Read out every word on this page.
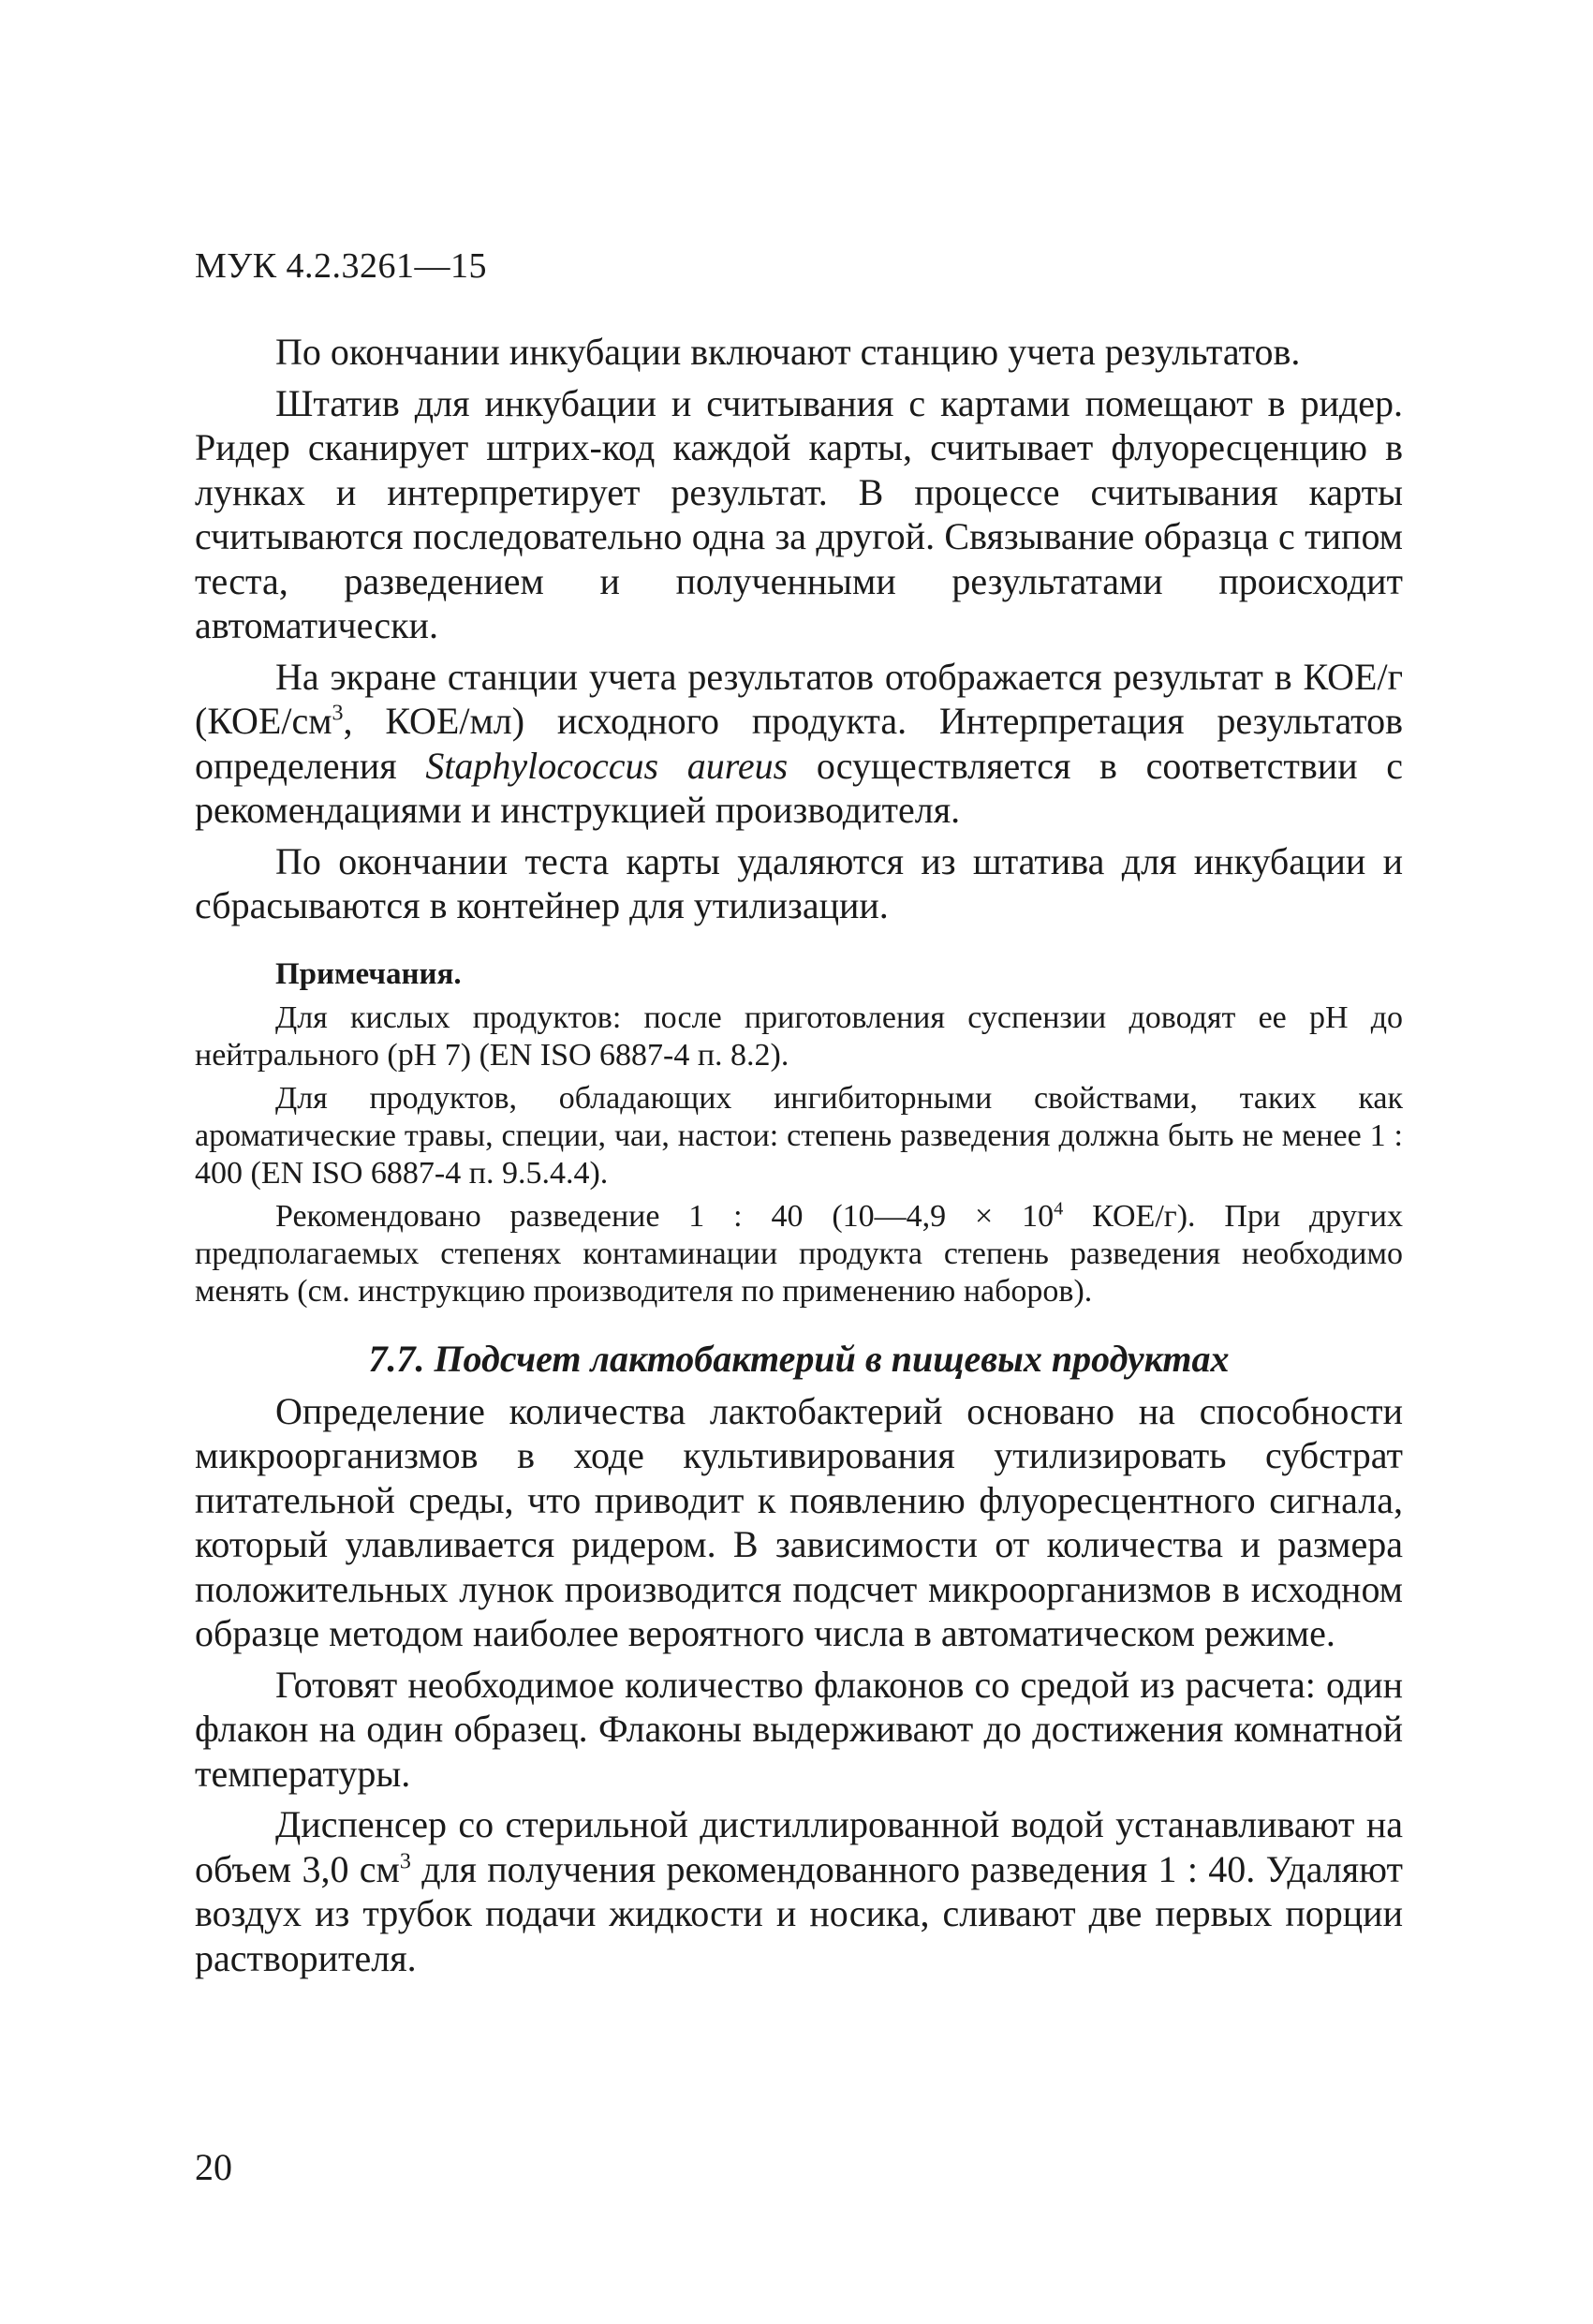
МУК 4.2.3261—15

По окончании инкубации включают станцию учета результатов.

Штатив для инкубации и считывания с картами помещают в ридер. Ридер сканирует штрих-код каждой карты, считывает флуоресценцию в лунках и интерпретирует результат. В процессе считывания карты считываются последовательно одна за другой. Связывание образца с типом теста, разведением и полученными результатами происходит автоматически.

На экране станции учета результатов отображается результат в КОЕ/г ($КОЕ/см^3$, КОЕ/мл) исходного продукта. Интерпретация результатов определения Staphylococcus aureus осуществляется в соответствии с рекомендациями и инструкцией производителя.

По окончании теста карты удаляются из штатива для инкубации и сбрасываются в контейнер для утилизации.

Примечания.

Для кислых продуктов: после приготовления суспензии доводят ее pH до нейтрального (pH 7) (EN ISO 6887-4 п. 8.2).

Для продуктов, обладающих ингибиторными свойствами, таких как ароматические травы, специи, чаи, настои: степень разведения должна быть не менее 1 : 400 (EN ISO 6887-4 п. 9.5.4.4).

Рекомендовано разведение 1 : 40 (10—4,9 × $10^4$ КОЕ/г). При других предполагаемых степенях контаминации продукта степень разведения необходимо менять (см. инструкцию производителя по применению наборов).

7.7. Подсчет лактобактерий в пищевых продуктах

Определение количества лактобактерий основано на способности микроорганизмов в ходе культивирования утилизировать субстрат питательной среды, что приводит к появлению флуоресцентного сигнала, который улавливается ридером. В зависимости от количества и размера положительных лунок производится подсчет микроорганизмов в исходном образце методом наиболее вероятного числа в автоматическом режиме.

Готовят необходимое количество флаконов со средой из расчета: один флакон на один образец. Флаконы выдерживают до достижения комнатной температуры.

Диспенсер со стерильной дистиллированной водой устанавливают на объем 3,0 $см^3$ для получения рекомендованного разведения 1 : 40. Удаляют воздух из трубок подачи жидкости и носика, сливают две первых порции растворителя.

20
